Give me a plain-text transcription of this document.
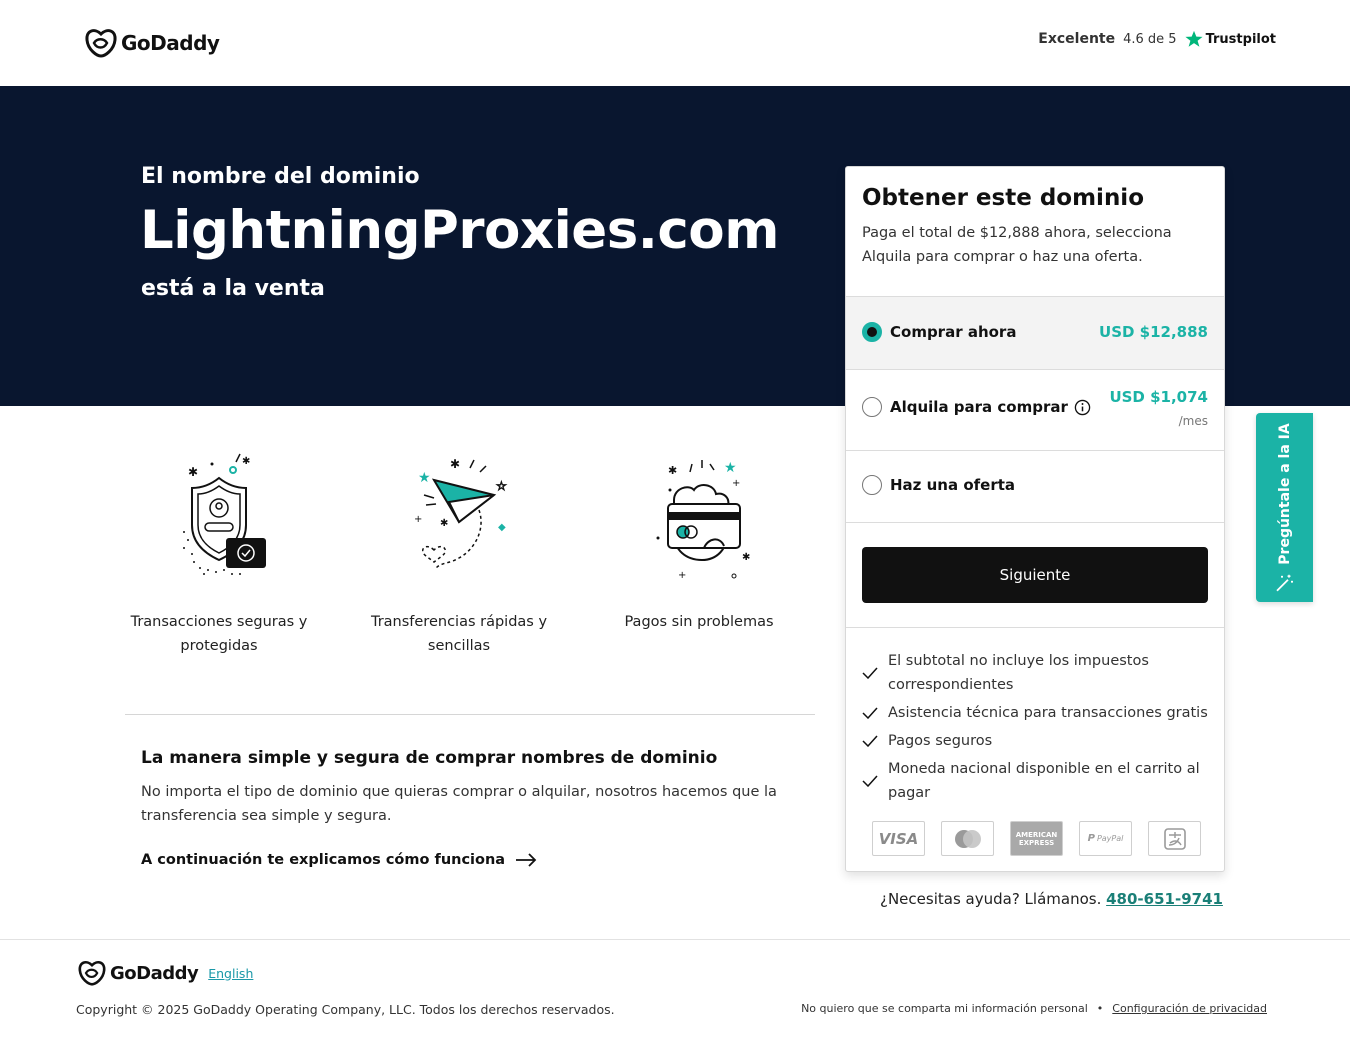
GoDaddy	Excelente 4.6 de 5 Trustpilot
El nombre del dominio
LightningProxies.com
está a la venta
✱
✱
Transacciones seguras y protegidas
★
✱
☆
✱	◆
+
Transferencias rápidas y sencillas
★
✱
✱
+
+
Pagos sin problemas
La manera simple y segura de comprar nombres de dominio
No importa el tipo de dominio que quieras comprar o alquilar, nosotros hacemos que la transferencia sea simple y segura.
A continuación te explicamos cómo funciona
Obtener este dominio
Paga el total de $12,888 ahora, selecciona Alquila para comprar o haz una oferta.
Comprar ahora	USD $12,888
Alquila para comprar
USD $1,074
/mes
Haz una oferta
Siguiente
El subtotal no incluye los impuestos correspondientes
Asistencia técnica para transacciones gratis
Pagos seguros
Moneda nacional disponible en el carrito al pagar
VISA	AMERICAN EXPRESS	P PayPal
¿Necesitas ayuda? Llámanos. 480-651-9741
Pregúntale a la IA
GoDaddy English
Copyright © 2025 GoDaddy Operating Company, LLC. Todos los derechos reservados.	No quiero que se comparta mi información personal • Configuración de privacidad
